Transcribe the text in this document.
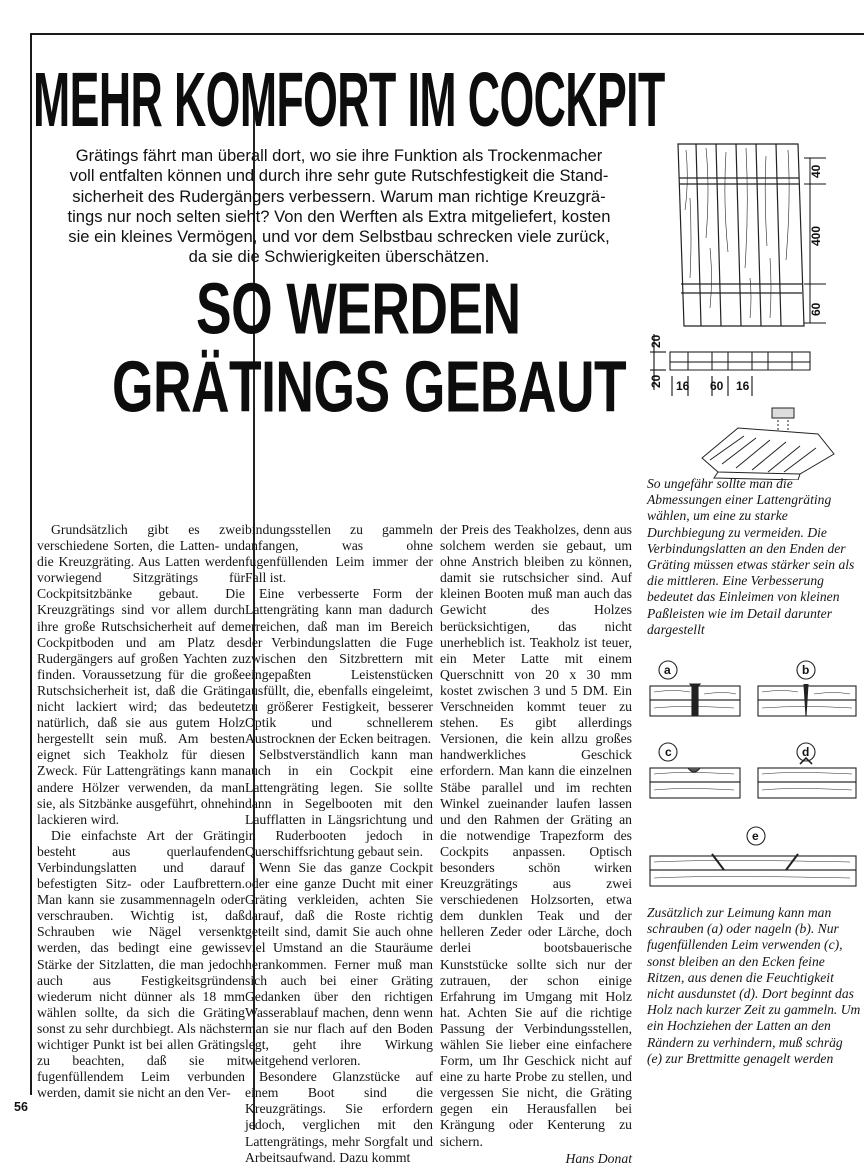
MEHR KOMFORT IM COCKPIT
Grätings fährt man überall dort, wo sie ihre Funktion als Trockenmacher
voll entfalten können und durch ihre sehr gute Rutschfestigkeit die Stand-
sicherheit des Rudergängers verbessern. Warum man richtige Kreuzgrä-
tings nur noch selten sieht? Von den Werften als Extra mitgeliefert, kosten
sie ein kleines Vermögen, und vor dem Selbstbau schrecken viele zurück,
da sie die Schwierigkeiten überschätzen.
SO WERDEN
GRÄTINGS GEBAUT
40
400
60
20
20 16 60 16
So ungefähr sollte man die Abmessungen einer Lattengräting wählen, um eine zu starke Durchbiegung zu vermeiden. Die Verbindungslatten an den Enden der Gräting müssen etwas stärker sein als die mittleren. Eine Verbesserung bedeutet das Einleimen von kleinen Paßleisten wie im Detail darunter dargestellt
a	b
c	d
e
Zusätzlich zur Leimung kann man schrauben (a) oder nageln (b). Nur fugenfüllenden Leim verwenden (c), sonst bleiben an den Ecken feine Ritzen, aus denen die Feuchtigkeit nicht ausdunstet (d). Dort beginnt das Holz nach kurzer Zeit zu gammeln. Um ein Hochziehen der Latten an den Rändern zu verhindern, muß schräg (e) zur Brettmitte genagelt werden

Grundsätzlich gibt es zwei verschiedene Sorten, die Latten- und die Kreuzgräting. Aus Latten werden vorwiegend Sitzgrätings für Cockpitsitzbänke gebaut. Die Kreuzgrätings sind vor allem durch ihre große Rutschsicherheit auf dem Cockpitboden und am Platz des Rudergängers auf großen Yachten zu finden. Voraussetzung für die große Rutschsicherheit ist, daß die Gräting nicht lackiert wird; das bedeutet natürlich, daß sie aus gutem Holz hergestellt sein muß. Am besten eignet sich Teakholz für diesen Zweck. Für Lattengrätings kann man andere Hölzer verwenden, da man sie, als Sitzbänke ausgeführt, ohnehin lackieren wird.

Die einfachste Art der Gräting besteht aus querlaufenden Verbindungslatten und darauf befestigten Sitz- oder Laufbrettern. Man kann sie zusammennageln oder verschrauben. Wichtig ist, daß Schrauben wie Nägel versenkt werden, das bedingt eine gewisse Stärke der Sitzlatten, die man jedoch auch aus Festigkeitsgründen wiederum nicht dünner als 18 mm wählen sollte, da sich die Gräting sonst zu sehr durchbiegt. Als nächster wichtiger Punkt ist bei allen Grätings zu beachten, daß sie mit fugenfüllendem Leim verbunden werden, damit sie nicht an den Ver-

bindungsstellen zu gammeln anfangen, was ohne fugenfüllenden Leim immer der Fall ist.

Eine verbesserte Form der Lattengräting kann man dadurch erreichen, daß man im Bereich der Verbindungslatten die Fuge zwischen den Sitzbrettern mit eingepaßten Leistenstücken ausfüllt, die, ebenfalls eingeleimt, zu größerer Festigkeit, besserer Optik und schnellerem Austrocknen der Ecken beitragen.

Selbstverständlich kann man auch in ein Cockpit eine Lattengräting legen. Sie sollte dann in Segelbooten mit den Laufflatten in Längsrichtung und in Ruderbooten jedoch in Querschiffsrichtung gebaut sein.

Wenn Sie das ganze Cockpit oder eine ganze Ducht mit einer Gräting verkleiden, achten Sie darauf, daß die Roste richtig geteilt sind, damit Sie auch ohne viel Umstand an die Stauräume herankommen. Ferner muß man sich auch bei einer Gräting Gedanken über den richtigen Wasserablauf machen, denn wenn man sie nur flach auf den Boden legt, geht ihre Wirkung weitgehend verloren.

Besondere Glanzstücke auf einem Boot sind die Kreuzgrätings. Sie erfordern jedoch, verglichen mit den Lattengrätings, mehr Sorgfalt und Arbeitsaufwand. Dazu kommt

der Preis des Teakholzes, denn aus solchem werden sie gebaut, um ohne Anstrich bleiben zu können, damit sie rutschsicher sind. Auf kleinen Booten muß man auch das Gewicht des Holzes berücksichtigen, das nicht unerheblich ist. Teakholz ist teuer, ein Meter Latte mit einem Querschnitt von 20 x 30 mm kostet zwischen 3 und 5 DM. Ein Verschneiden kommt teuer zu stehen. Es gibt allerdings Versionen, die kein allzu großes handwerkliches Geschick erfordern. Man kann die einzelnen Stäbe parallel und im rechten Winkel zueinander laufen lassen und den Rahmen der Gräting an die notwendige Trapezform des Cockpits anpassen. Optisch besonders schön wirken Kreuzgrätings aus zwei verschiedenen Holzsorten, etwa dem dunklen Teak und der helleren Zeder oder Lärche, doch derlei bootsbauerische Kunststücke sollte sich nur der zutrauen, der schon einige Erfahrung im Umgang mit Holz hat. Achten Sie auf die richtige Passung der Verbindungsstellen, wählen Sie lieber eine einfachere Form, um Ihr Geschick nicht auf eine zu harte Probe zu stellen, und vergessen Sie nicht, die Gräting gegen ein Herausfallen bei Krängung oder Kenterung zu sichern.

Hans Donat
56
